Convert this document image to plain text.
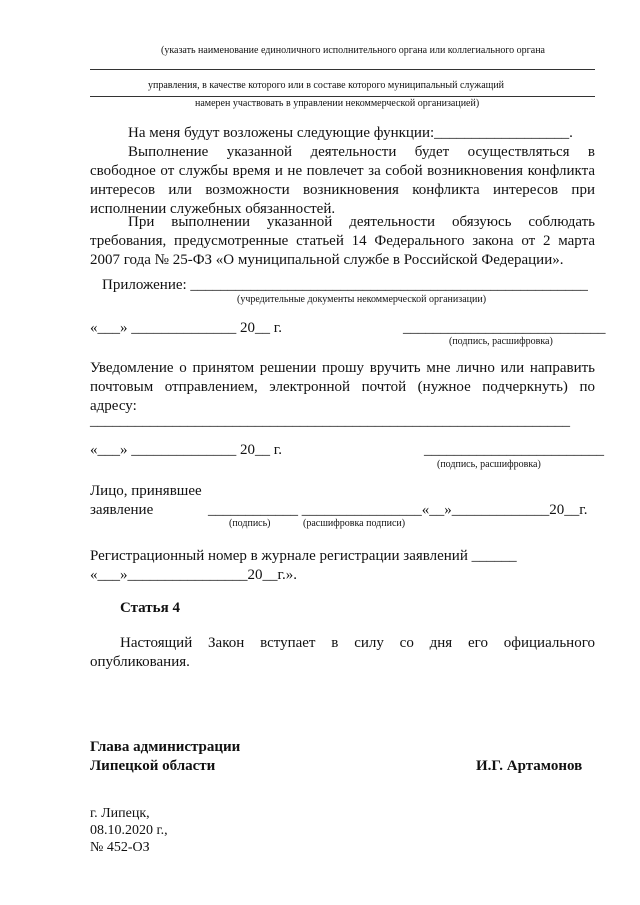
(указать наименование единоличного исполнительного органа или коллегиального органа
управления, в качестве которого или в составе которого муниципальный служащий
намерен участвовать в управлении некоммерческой организацией)
На меня будут возложены следующие функции:__________________.
Выполнение указанной деятельности будет осуществляться в
свободное от службы время и не повлечет за собой возникновения конфликта интересов или возможности возникновения конфликта интересов при исполнении служебных обязанностей.
При выполнении указанной деятельности обязуюсь соблюдать
требования, предусмотренные статьей 14 Федерального закона от 2 марта 2007 года № 25-ФЗ «О муниципальной службе в Российской Федерации».
Приложение: _____________________________________________________
(учредительные документы некоммерческой организации)
«___» ______________ 20__ г.	___________________________
(подпись, расшифровка)
Уведомление о принятом решении прошу вручить мне лично или направить почтовым отправлением, электронной почтой (нужное подчеркнуть) по адресу:
________________________________________________________________
«___» ______________ 20__ г.	________________________
(подпись, расшифровка)
Лицо, принявшее
заявление	____________ ________________«__»_____________20__г.
(подпись)	(расшифровка подписи)
Регистрационный номер в журнале регистрации заявлений ______
«___»________________20__г.».
Статья 4
Настоящий Закон вступает в силу со дня его официального опубликования.
Глава администрации
Липецкой области	И.Г. Артамонов
г. Липецк,
08.10.2020 г.,
№ 452-ОЗ
